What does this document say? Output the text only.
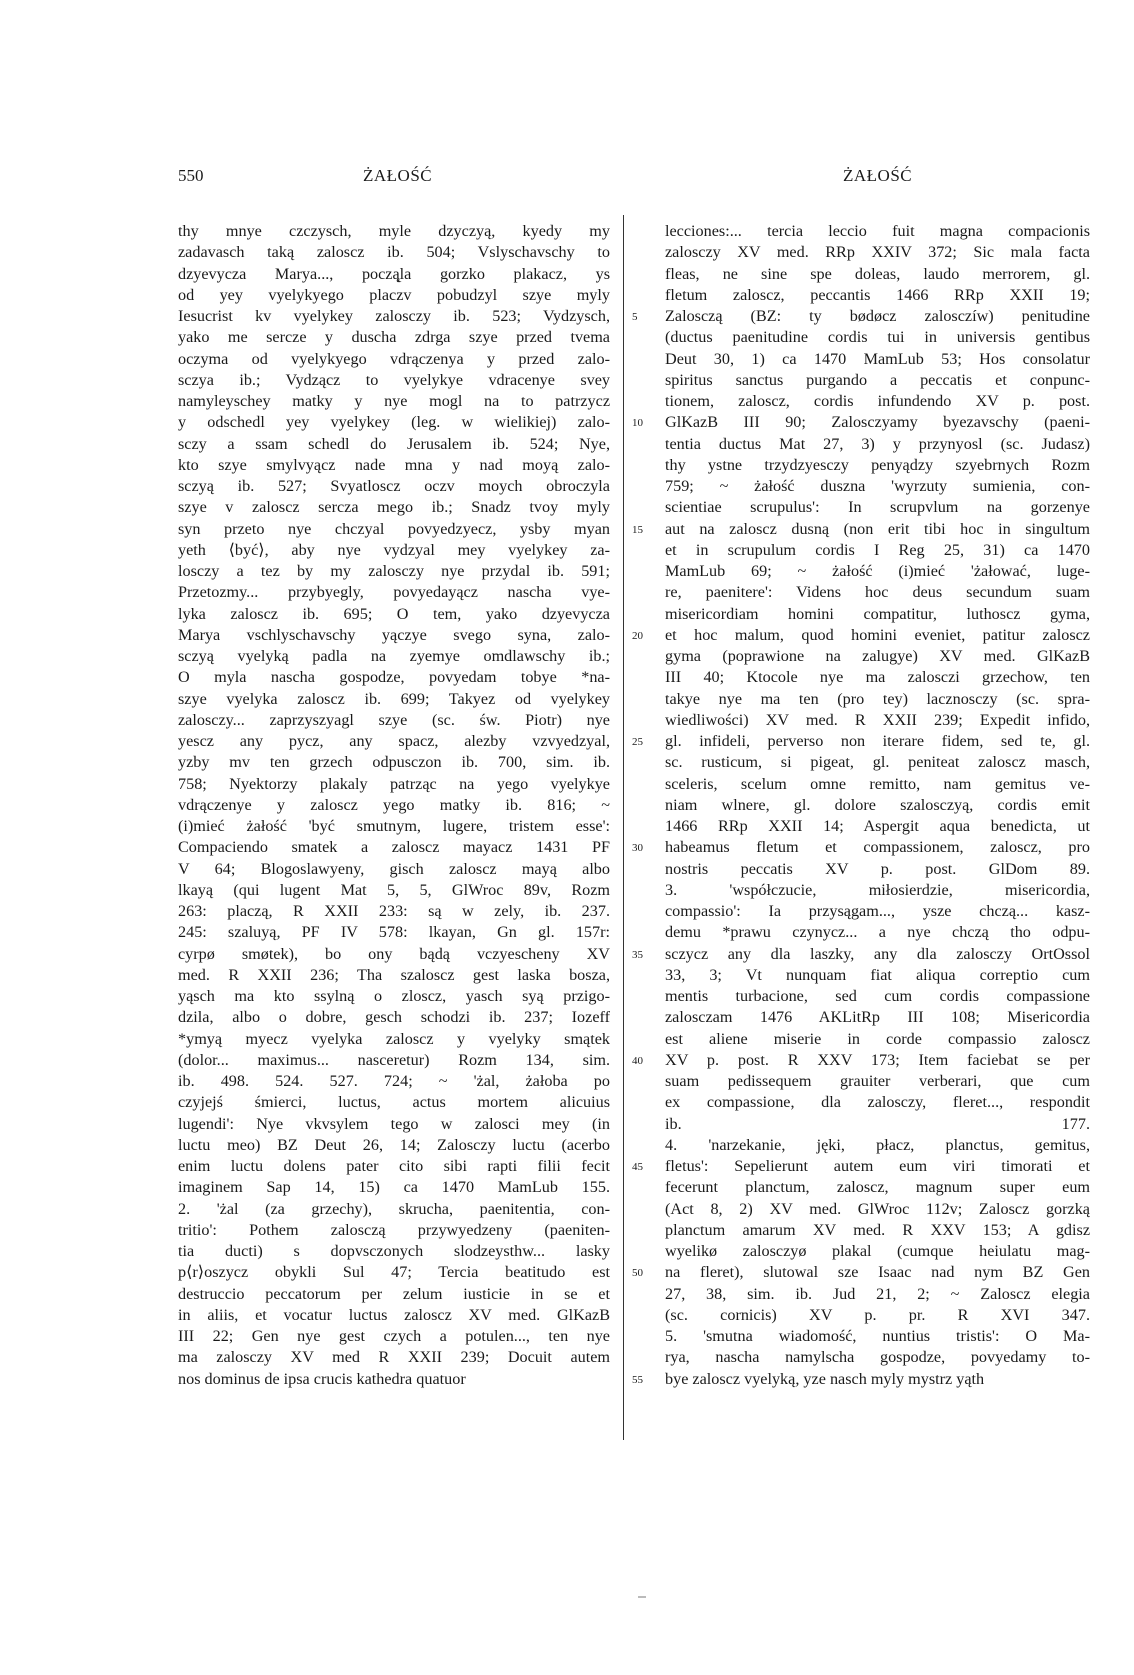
550	ŻAŁOŚĆ	ŻAŁOŚĆ
thy mnye czczysch, myle dzyczyą, kyedy my
zadavasch taką zaloscz ib. 504; Vslyschavschy to
dzyevycza Marya..., począ̨la gorzko plakacz, ys
od yey vyelykyego placzv pobudzyl szye myly
Iesucrist kv vyelykey zalosczy ib. 523; Vydzysch,
yako me sercze y duscha zdrga szye przed tvema
oczyma od vyelykyego vdrączenya y przed zalo-
sczya ib.; Vydzącz to vyelykye vdracenye svey
namyleyschey matky y nye mogl na to patrzycz
y odschedl yey vyelykey (leg. w wielikiej) zalo-
sczy a ssam schedl do Jerusalem ib. 524; Nye,
kto szye smylvyącz nade mna y nad moyą zalo-
sczyą ib. 527; Svyatloscz oczv moych obroczyla
szye v zaloscz sercza mego ib.; Snadz tvoy myly
syn przeto nye chczyal povyedzyecz, ysby myan
yeth ⟨być⟩, aby nye vydzyal mey vyelykey za-
losczy a tez by my zalosczy nye przydal ib. 591;
Przetozmy... przybyegly, povyedayącz nascha vye-
lyka zaloscz ib. 695; O tem, yako dzyevycza
Marya vschlyschavschy yączye svego syna, zalo-
sczyą vyelyką padla na zyemye omdlawschy ib.;
O myla nascha gospodze, povyedam tobye *na-
szye vyelyka zaloscz ib. 699; Takyez od vyelykey
zalosczy... zaprzyszyagl szye (sc. św. Piotr) nye
yescz any pycz, any spacz, alezby vzvyedzyal,
yzby mv ten grzech odpusczon ib. 700, sim. ib.
758; Nyektorzy plakaly patrząc na yego vyelykye
vdrączenye y zaloscz yego matky ib. 816; ~
(i)mieć żałość 'być smutnym, lugere, tristem esse':
Compaciendo smatek a zaloscz mayacz 1431 PF
V 64; Blogoslawyeny, gisch zaloscz mayą albo
lkayą (qui lugent Mat 5, 5, GlWroc 89v, Rozm
263: placzą, R XXII 233: są w zely, ib. 237.
245: szaluyą, PF IV 578: lkayan, Gn gl. 157r:
cyrpø smøtek), bo ony bądą vczyescheny XV
med. R XXII 236; Tha szaloscz gest laska bosza,
yąsch ma kto ssylną o zloscz, yasch syą przigo-
dzila, albo o dobre, gesch schodzi ib. 237; Iozeff
*ymyą myecz vyelyka zaloscz y vyelyky smątek
(dolor... maximus... nasceretur) Rozm 134, sim.
ib. 498. 524. 527. 724; ~ 'żal, żałoba po
czyjejś śmierci, luctus, actus mortem alicuius
lugendi': Nye vkvsylem tego w zalosci mey (in
luctu meo) BZ Deut 26, 14; Zalosczy luctu (acerbo
enim luctu dolens pater cito sibi rapti filii fecit
imaginem Sap 14, 15) ca 1470 MamLub 155.
2. 'żal (za grzechy), skrucha, paenitentia, con-
tritio': Pothem zalosczą przywyedzeny (paeniten-
tia ducti) s dopvsczonych slodzeysthw... lasky
p⟨r⟩oszycz obykli Sul 47; Tercia beatitudo est
destruccio peccatorum per zelum iusticie in se et
in aliis, et vocatur luctus zaloscz XV med. GlKazB
III 22; Gen nye gest czych a potulen..., ten nye
ma zalosczy XV med R XXII 239; Docuit autem
nos dominus de ipsa crucis kathedra quatuor
5
10
15
20
25
30
35
40
45
50
55
lecciones:... tercia leccio fuit magna compacionis
zalosczy XV med. RRp XXIV 372; Sic mala facta
fleas, ne sine spe doleas, laudo merrorem, gl.
fletum zaloscz, peccantis 1466 RRp XXII 19;
Zalosczą (BZ: ty bødøcz zalosczíw) penitudine
(ductus paenitudine cordis tui in universis gentibus
Deut 30, 1) ca 1470 MamLub 53; Hos consolatur
spiritus sanctus purgando a peccatis et conpunc-
tionem, zaloscz, cordis infundendo XV p. post.
GlKazB III 90; Zalosczyamy byezavschy (paeni-
tentia ductus Mat 27, 3) y przynyosl (sc. Judasz)
thy ystne trzydzyesczy penyądzy szyebrnych Rozm
759; ~ żałość duszna 'wyrzuty sumienia, con-
scientiae scrupulus': In scrupvlum na gorzenye
aut na zaloscz dusną (non erit tibi hoc in singultum
et in scrupulum cordis I Reg 25, 31) ca 1470
MamLub 69; ~ żałość (i)mieć 'żałować, luge-
re, paenitere': Videns hoc deus secundum suam
misericordiam homini compatitur, luthoscz gyma,
et hoc malum, quod homini eveniet, patitur zaloscz
gyma (poprawione na zalugye) XV med. GlKazB
III 40; Ktocole nye ma zalosczi grzechow, ten
takye nye ma ten (pro tey) lacznosczy (sc. spra-
wiedliwości) XV med. R XXII 239; Expedit infido,
gl. infideli, perverso non iterare fidem, sed te, gl.
sc. rusticum, si pigeat, gl. peniteat zaloscz masch,
sceleris, scelum omne remitto, nam gemitus ve-
niam wlnere, gl. dolore szalosczyą, cordis emit
1466 RRp XXII 14; Aspergit aqua benedicta, ut
habeamus fletum et compassionem, zaloscz, pro
nostris peccatis XV p. post. GlDom 89.
3. 'współczucie, miłosierdzie, misericordia,
compassio': Ia przysągam..., ysze chczą... kasz-
demu *prawu czynycz... a nye chczą tho odpu-
sczycz any dla laszky, any dla zalosczy OrtOssol
33, 3; Vt nunquam fiat aliqua correptio cum
mentis turbacione, sed cum cordis compassione
zalosczam 1476 AKLitRp III 108; Misericordia
est aliene miserie in corde compassio zaloscz
XV p. post. R XXV 173; Item faciebat se per
suam pedissequem grauiter verberari, que cum
ex compassione, dla zalosczy, fleret..., respondit
ib. 177.
4. 'narzekanie, jęki, płacz, planctus, gemitus,
fletus': Sepelierunt autem eum viri timorati et
fecerunt planctum, zaloscz, magnum super eum
(Act 8, 2) XV med. GlWroc 112v; Zaloscz gorzką
planctum amarum XV med. R XXV 153; A gdisz
wyelikø zalosczyø plakal (cumque heiulatu mag-
na fleret), slutowal sze Isaac nad nym BZ Gen
27, 38, sim. ib. Jud 21, 2; ~ Zaloscz elegia
(sc. cornicis) XV p. pr. R XVI 347.
5. 'smutna wiadomość, nuntius tristis': O Ma-
rya, nascha namylscha gospodze, povyedamy to-
bye zaloscz vyelyką, yze nasch myly mystrz yąth
